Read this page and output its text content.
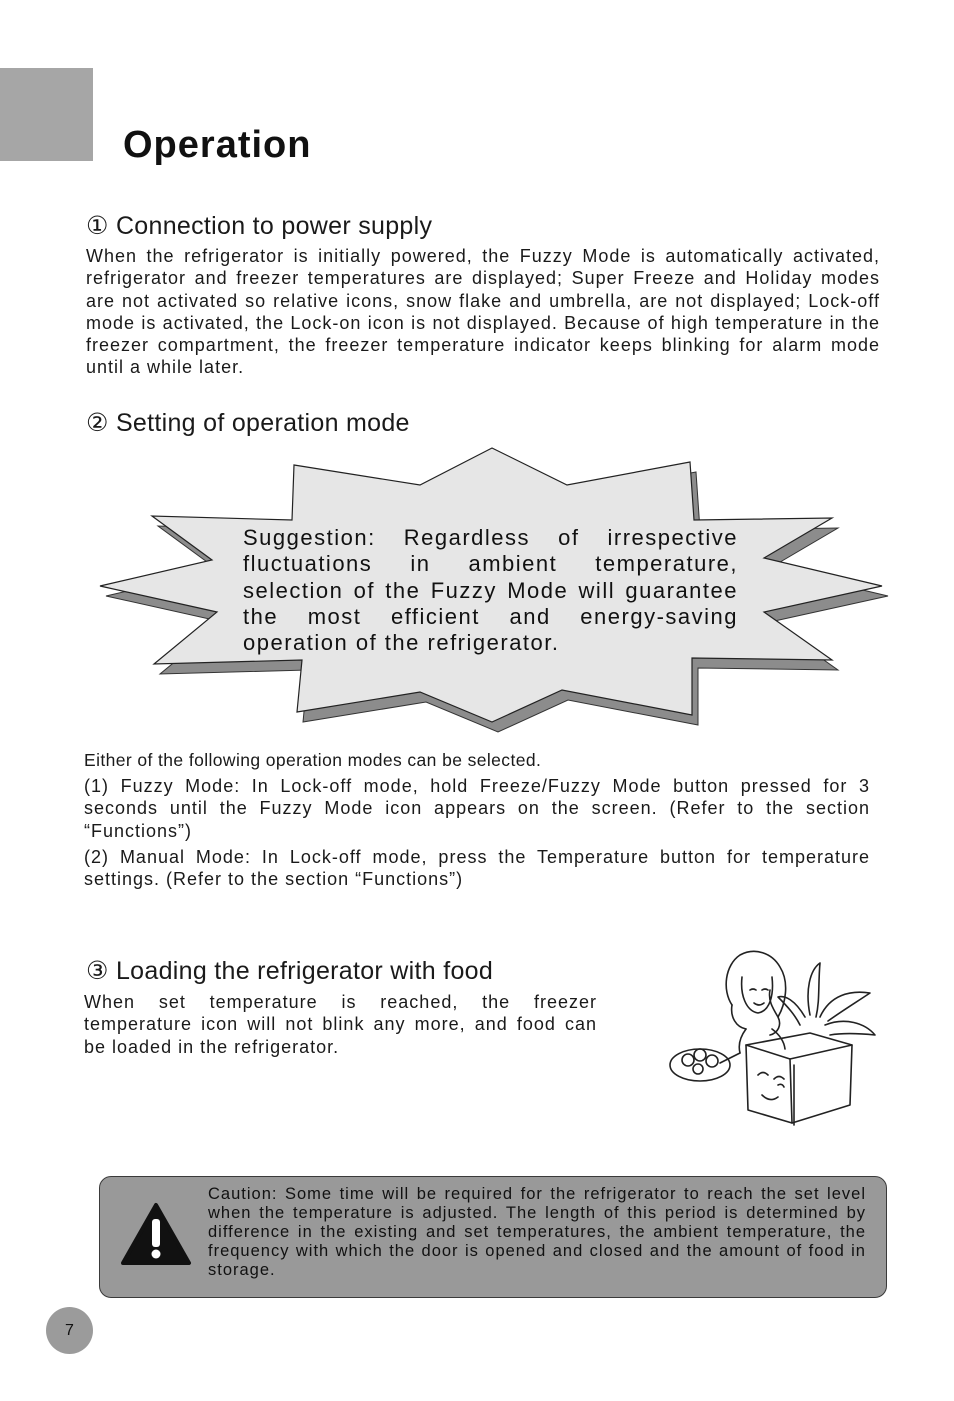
Operation
① Connection to power supply

When the refrigerator is initially powered, the Fuzzy Mode is automatically activated, refrigerator and freezer temperatures are displayed; Super Freeze and Holiday modes are not activated so relative icons, snow flake and umbrella, are not displayed; Lock-off mode is activated, the Lock-on icon is not displayed. Because of high temperature in the freezer compartment, the freezer temperature indicator keeps blinking for alarm mode until a while later.

② Setting of operation mode

Suggestion: Regardless of irrespective fluctuations in ambient temperature, selection of the Fuzzy Mode will guarantee the most efficient and energy-saving operation of the refrigerator.

Either of the following operation modes can be selected.

(1) Fuzzy Mode: In Lock-off mode, hold Freeze/Fuzzy Mode button pressed for 3 seconds until the Fuzzy Mode icon appears on the screen. (Refer to the section “Functions”)

(2) Manual Mode: In Lock-off mode, press the Temperature button for temperature settings. (Refer to the section “Functions”)

③ Loading the refrigerator with food

When set temperature is reached, the freezer temperature icon will not blink any more, and food can be loaded in the refrigerator.

Caution: Some time will be required for the refrigerator to reach the set level when the temperature is adjusted. The length of this period is determined by difference in the existing and set temperatures, the ambient temperature, the frequency with which the door is opened and closed and the amount of food in storage.

7
